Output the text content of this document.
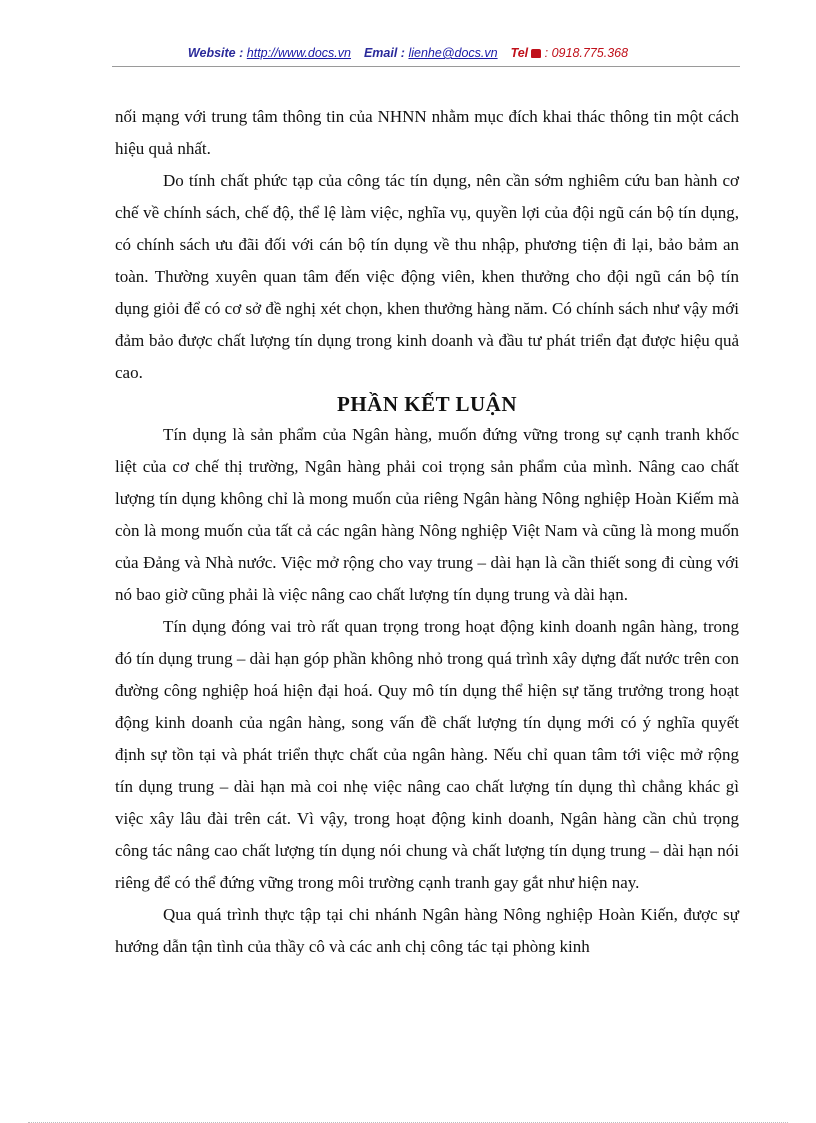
Website : http://www.docs.vn Email : lienhe@docs.vn Tel : 0918.775.368

nối mạng với trung tâm thông tin của NHNN nhằm mục đích khai thác thông tin một cách hiệu quả nhất.

Do tính chất phức tạp của công tác tín dụng, nên cần sớm nghiêm cứu ban hành cơ chế về chính sách, chế độ, thể lệ làm việc, nghĩa vụ, quyền lợi của đội ngũ cán bộ tín dụng, có chính sách ưu đãi đối với cán bộ tín dụng về thu nhập, phương tiện đi lại, bảo bảm an toàn. Thường xuyên quan tâm đến việc động viên, khen thưởng cho đội ngũ cán bộ tín dụng giỏi để có cơ sở đề nghị xét chọn, khen thưởng hàng năm. Có chính sách như vậy mới đảm bảo được chất lượng tín dụng trong kinh doanh và đầu tư phát triển đạt được hiệu quả cao.

PHẦN KẾT LUẬN

Tín dụng là sản phẩm của Ngân hàng, muốn đứng vững trong sự cạnh tranh khốc liệt của cơ chế thị trường, Ngân hàng phải coi trọng sản phẩm của mình. Nâng cao chất lượng tín dụng không chỉ là mong muốn của riêng Ngân hàng Nông nghiệp Hoàn Kiếm mà còn là mong muốn của tất cả các ngân hàng Nông nghiệp Việt Nam và cũng là mong muốn của Đảng và Nhà nước. Việc mở rộng cho vay trung – dài hạn là cần thiết song đi cùng với nó bao giờ cũng phải là việc nâng cao chất lượng tín dụng trung và dài hạn.

Tín dụng đóng vai trò rất quan trọng trong hoạt động kinh doanh ngân hàng, trong đó tín dụng trung – dài hạn góp phần không nhỏ trong quá trình xây dựng đất nước trên con đường công nghiệp hoá hiện đại hoá. Quy mô tín dụng thể hiện sự tăng trưởng trong hoạt động kinh doanh của ngân hàng, song vấn đề chất lượng tín dụng mới có ý nghĩa quyết định sự tồn tại và phát triển thực chất của ngân hàng. Nếu chỉ quan tâm tới việc mở rộng tín dụng trung – dài hạn mà coi nhẹ việc nâng cao chất lượng tín dụng thì chẳng khác gì việc xây lâu đài trên cát. Vì vậy, trong hoạt động kinh doanh, Ngân hàng cần chủ trọng công tác nâng cao chất lượng tín dụng nói chung và chất lượng tín dụng trung – dài hạn nói riêng để có thể đứng vững trong môi trường cạnh tranh gay gắt như hiện nay.

Qua quá trình thực tập tại chi nhánh Ngân hàng Nông nghiệp Hoàn Kiến, được sự hướng dẫn tận tình của thầy cô và các anh chị công tác tại phòng kinh
